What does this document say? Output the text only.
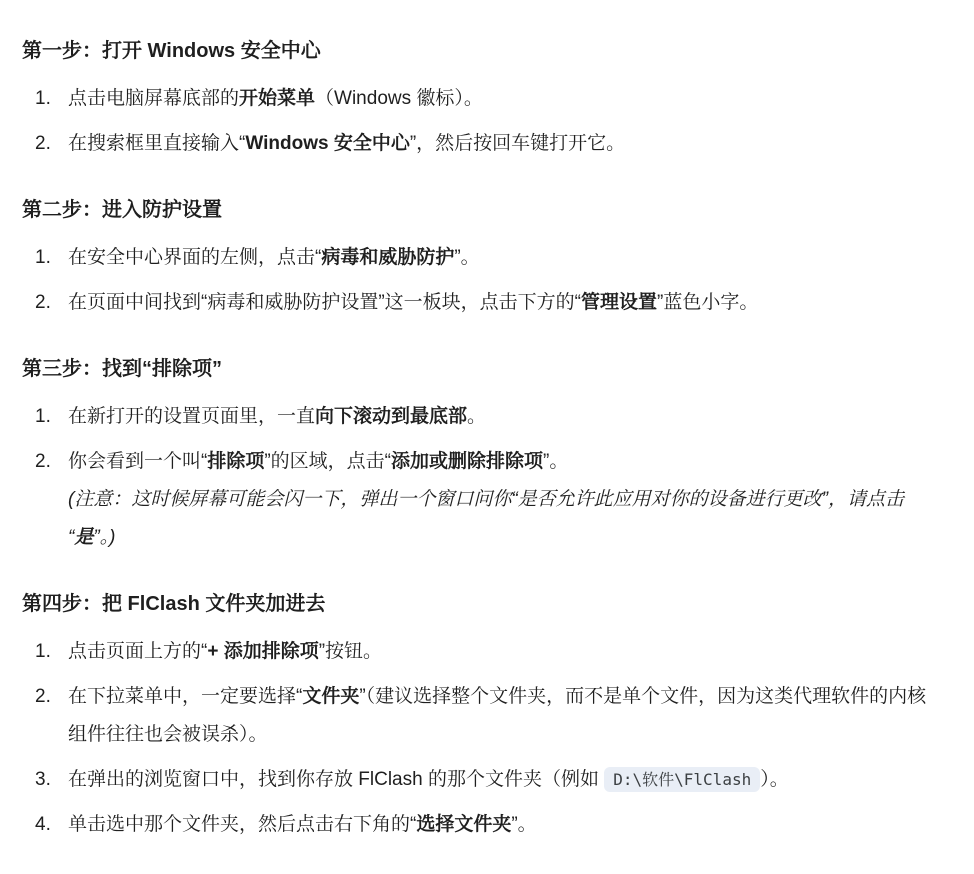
第一步：打开 Windows 安全中心
1. 点击电脑屏幕底部的开始菜单（Windows 徽标）。
2. 在搜索框里直接输入“Windows 安全中心”，然后按回车键打开它。
第二步：进入防护设置
1. 在安全中心界面的左侧，点击“病毒和威胁防护”。
2. 在页面中间找到“病毒和威胁防护设置”这一板块，点击下方的“管理设置”蓝色小字。
第三步：找到“排除项”
1. 在新打开的设置页面里，一直向下滚动到最底部。
2. 你会看到一个叫“排除项”的区域，点击“添加或删除排除项”。
(注意：这时候屏幕可能会闪一下，弹出一个窗口问你“是否允许此应用对你的设备进行更改”，请点击“是”。)
第四步：把 FlClash 文件夹加进去
1. 点击页面上方的“+ 添加排除项”按钮。
2. 在下拉菜单中，一定要选择“文件夹”（建议选择整个文件夹，而不是单个文件，因为这类代理软件的内核组件往往也会被误杀）。
3. 在弹出的浏览窗口中，找到你存放 FlClash 的那个文件夹（例如 D:\软件\FlClash ）。
4. 单击选中那个文件夹，然后点击右下角的“选择文件夹”。
